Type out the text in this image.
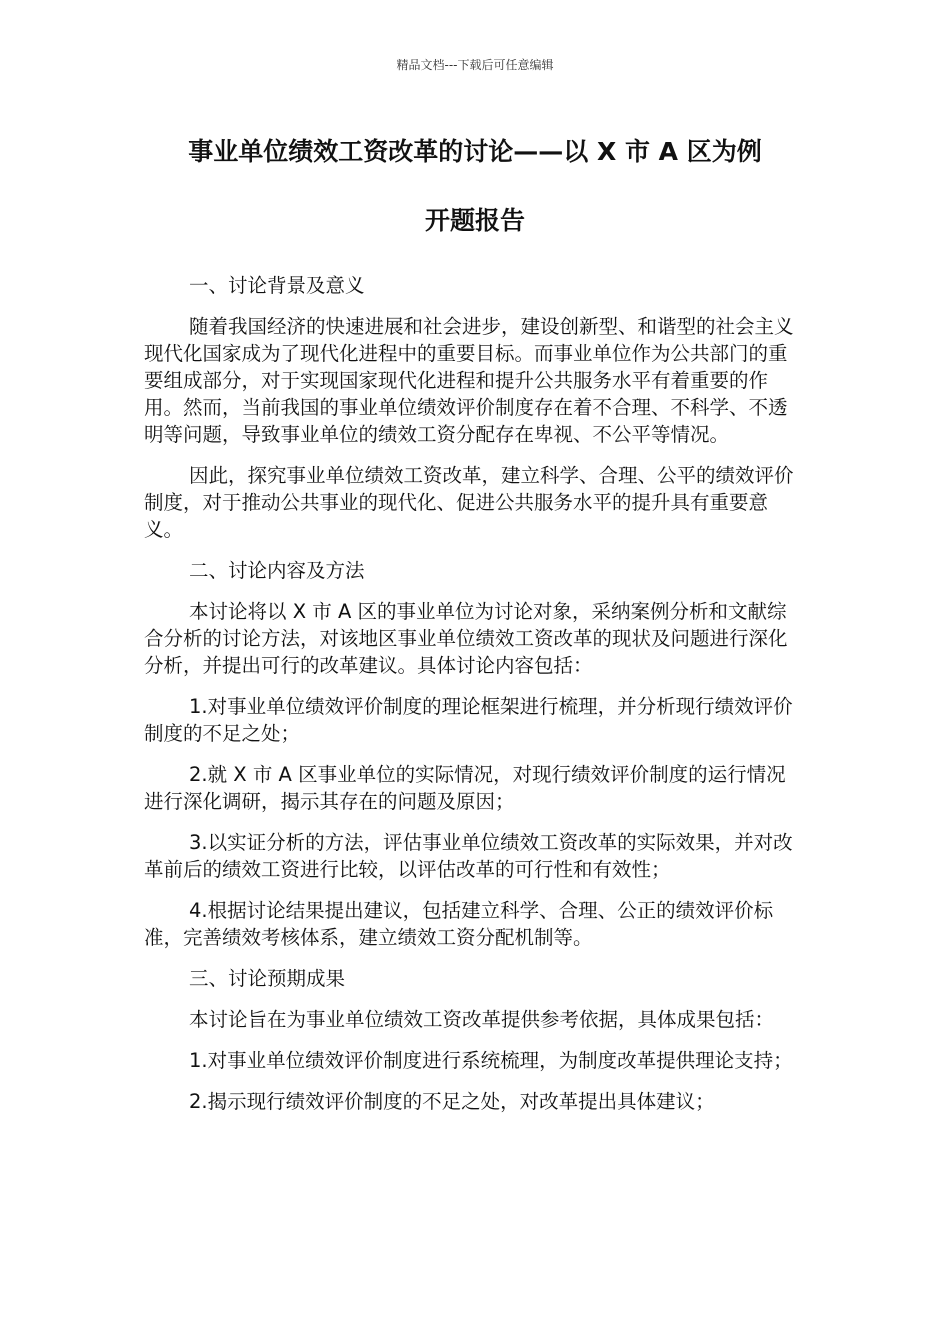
精品文档---下载后可任意编辑
事业单位绩效工资改革的讨论——以 X 市 A 区为例
开题报告

一、讨论背景及意义

随着我国经济的快速进展和社会进步，建设创新型、和谐型的社会主义现代化国家成为了现代化进程中的重要目标。而事业单位作为公共部门的重要组成部分，对于实现国家现代化进程和提升公共服务水平有着重要的作用。然而，当前我国的事业单位绩效评价制度存在着不合理、不科学、不透明等问题，导致事业单位的绩效工资分配存在卑视、不公平等情况。

因此，探究事业单位绩效工资改革，建立科学、合理、公平的绩效评价制度，对于推动公共事业的现代化、促进公共服务水平的提升具有重要意义。

二、讨论内容及方法

本讨论将以 X 市 A 区的事业单位为讨论对象，采纳案例分析和文献综合分析的讨论方法，对该地区事业单位绩效工资改革的现状及问题进行深化分析，并提出可行的改革建议。具体讨论内容包括：

1.对事业单位绩效评价制度的理论框架进行梳理，并分析现行绩效评价制度的不足之处；

2.就 X 市 A 区事业单位的实际情况，对现行绩效评价制度的运行情况进行深化调研，揭示其存在的问题及原因；

3.以实证分析的方法，评估事业单位绩效工资改革的实际效果，并对改革前后的绩效工资进行比较，以评估改革的可行性和有效性；

4.根据讨论结果提出建议，包括建立科学、合理、公正的绩效评价标准，完善绩效考核体系，建立绩效工资分配机制等。

三、讨论预期成果

本讨论旨在为事业单位绩效工资改革提供参考依据，具体成果包括：

1.对事业单位绩效评价制度进行系统梳理，为制度改革提供理论支持；

2.揭示现行绩效评价制度的不足之处，对改革提出具体建议；
